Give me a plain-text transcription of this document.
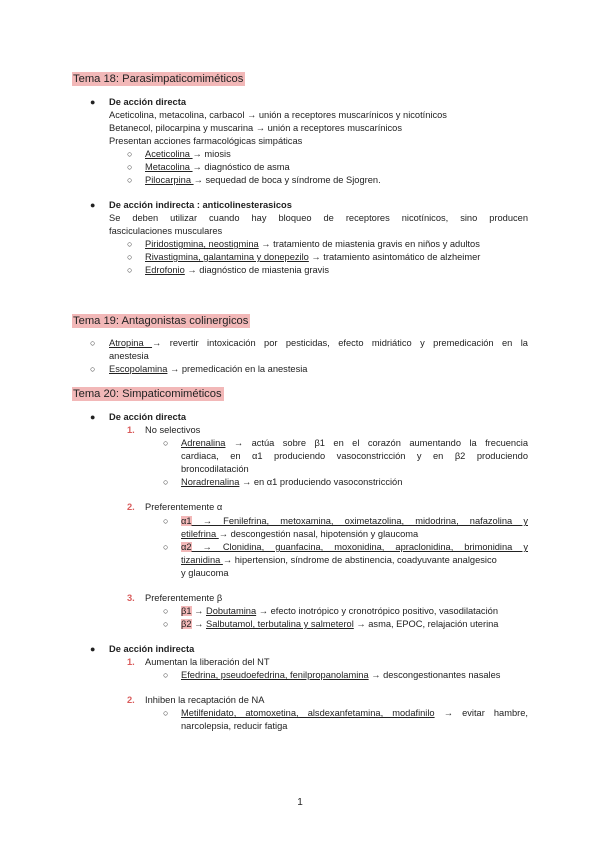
Tema 18: Parasimpaticomiméticos
● De acción directa
Aceticolina, metacolina, carbacol → unión a receptores muscarínicos y nicotínicos
Betanecol, pilocarpina y muscarina → unión a receptores muscarínicos
Presentan acciones farmacológicas simpáticas
○ Aceticolina → miosis
○ Metacolina → diagnóstico de asma
○ Pilocarpina → sequedad de boca y síndrome de Sjogren.
● De acción indirecta : anticolinesterasicos
Se deben utilizar cuando hay bloqueo de receptores nicotínicos, sino producen
fasciculaciones musculares
○ Piridostigmina, neostigmina → tratamiento de miastenia gravis en niños y adultos
○ Rivastigmina, galantamina y donepezilo → tratamiento asintomático de alzheimer
○ Edrofonio → diagnóstico de miastenia gravis
Tema 19: Antagonistas colinergicos
○ Atropina → revertir intoxicación por pesticidas, efecto midriático y premedicación en la
anestesia
○ Escopolamina → premedicación en la anestesia
Tema 20: Simpaticomiméticos
● De acción directa
1. No selectivos
○ Adrenalina → actúa sobre β1 en el corazón aumentando la frecuencia
cardiaca, en α1 produciendo vasoconstricción y en β2 produciendo
broncodilatación
○ Noradrenalina → en α1 produciendo vasoconstricción
2. Preferentemente α
○ α1 → Fenilefrina, metoxamina, oximetazolina, midodrina, nafazolina y
etilefrina → descongestión nasal, hipotensión y glaucoma
○ α2 → Clonidina, guanfacina, moxonidina, apraclonidina, brimonidina y
tizanidina → hipertension, síndrome de abstinencia, coadyuvante analgesico
y glaucoma
3. Preferentemente β
○ β1 → Dobutamina → efecto inotrópico y cronotrópico positivo, vasodilatación
○ β2 → Salbutamol, terbutalina y salmeterol → asma, EPOC, relajación uterina
● De acción indirecta
1. Aumentan la liberación del NT
○ Efedrina, pseudoefedrina, fenilpropanolamina → descongestionantes nasales
2. Inhiben la recaptación de NA
○ Metilfenidato, atomoxetina, alsdexanfetamina, modafinilo → evitar hambre,
narcolepsia, reducir fatiga
1
